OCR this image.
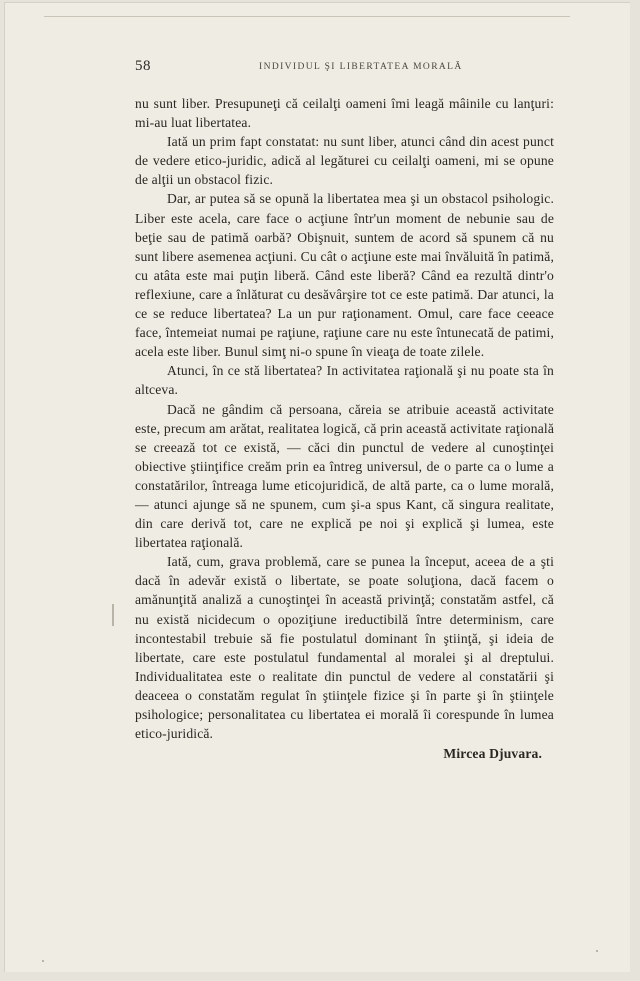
58	INDIVIDUL ŞI LIBERTATEA MORALĂ

nu sunt liber. Presupuneţi că ceilalţi oameni îmi leagă mâinile cu lanţuri: mi-au luat libertatea.

Iată un prim fapt constatat: nu sunt liber, atunci când din acest punct de vedere etico-juridic, adică al legăturei cu ceilalţi oameni, mi se opune de alţii un obstacol fizic.

Dar, ar putea să se opună la libertatea mea şi un obstacol psihologic. Liber este acela, care face o acţiune într'un moment de nebunie sau de beţie sau de patimă oarbă? Obişnuit, suntem de acord să spunem că nu sunt libere asemenea acţiuni. Cu cât o acţiune este mai învăluită în patimă, cu atâta este mai puţin liberă. Când este liberă? Când ea rezultă dintr'o reflexiune, care a înlăturat cu desăvârşire tot ce este patimă. Dar atunci, la ce se reduce libertatea? La un pur raţionament. Omul, care face ceeace face, întemeiat numai pe raţiune, raţiune care nu este întunecată de patimi, acela este liber. Bunul simţ ni-o spune în vieaţa de toate zilele.

Atunci, în ce stă libertatea? In activitatea raţională şi nu poate sta în altceva.

Dacă ne gândim că persoana, căreia se atribuie această activitate este, precum am arătat, realitatea logică, că prin această activitate raţională se creează tot ce există, — căci din punctul de vedere al cunoştinţei obiective ştiinţifice creăm prin ea întreg universul, de o parte ca o lume a constatărilor, întreaga lume eticojuridică, de altă parte, ca o lume morală, — atunci ajunge să ne spunem, cum şi-a spus Kant, că singura realitate, din care derivă tot, care ne explică pe noi şi explică şi lumea, este libertatea raţională.

Iată, cum, grava problemă, care se punea la început, aceea de a şti dacă în adevăr există o libertate, se poate soluţiona, dacă facem o amănunţită analiză a cunoştinţei în această privinţă; constatăm astfel, că nu există nicidecum o opoziţiune ireductibilă între determinism, care incontestabil trebuie să fie postulatul dominant în ştiinţă, şi ideia de libertate, care este postulatul fundamental al moralei şi al dreptului. Individualitatea este o realitate din punctul de vedere al constatării şi deaceea o constatăm regulat în ştiinţele fizice şi în parte şi în ştiinţele psihologice; personalitatea cu libertatea ei morală îi corespunde în lumea etico-juridică.

Mircea Djuvara.
